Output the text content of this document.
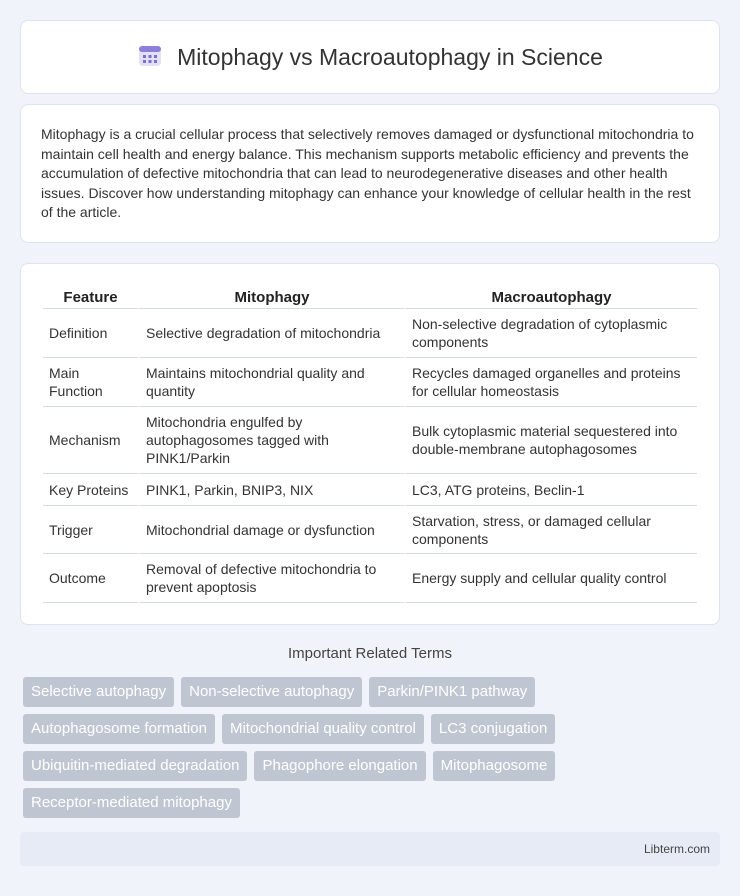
Mitophagy vs Macroautophagy in Science

Mitophagy is a crucial cellular process that selectively removes damaged or dysfunctional mitochondria to maintain cell health and energy balance. This mechanism supports metabolic efficiency and prevents the accumulation of defective mitochondria that can lead to neurodegenerative diseases and other health issues. Discover how understanding mitophagy can enhance your knowledge of cellular health in the rest of the article.

Feature	Mitophagy	Macroautophagy
Definition	Selective degradation of mitochondria	Non-selective degradation of cytoplasmic components
Main Function	Maintains mitochondrial quality and quantity	Recycles damaged organelles and proteins for cellular homeostasis
Mechanism	Mitochondria engulfed by autophagosomes tagged with PINK1/Parkin	Bulk cytoplasmic material sequestered into double-membrane autophagosomes
Key Proteins	PINK1, Parkin, BNIP3, NIX	LC3, ATG proteins, Beclin-1
Trigger	Mitochondrial damage or dysfunction	Starvation, stress, or damaged cellular components
Outcome	Removal of defective mitochondria to prevent apoptosis	Energy supply and cellular quality control
Important Related Terms
Selective autophagy	Non-selective autophagy	Parkin/PINK1 pathway
Autophagosome formation	Mitochondrial quality control	LC3 conjugation
Ubiquitin-mediated degradation	Phagophore elongation	Mitophagosome
Receptor-mediated mitophagy
Libterm.com
